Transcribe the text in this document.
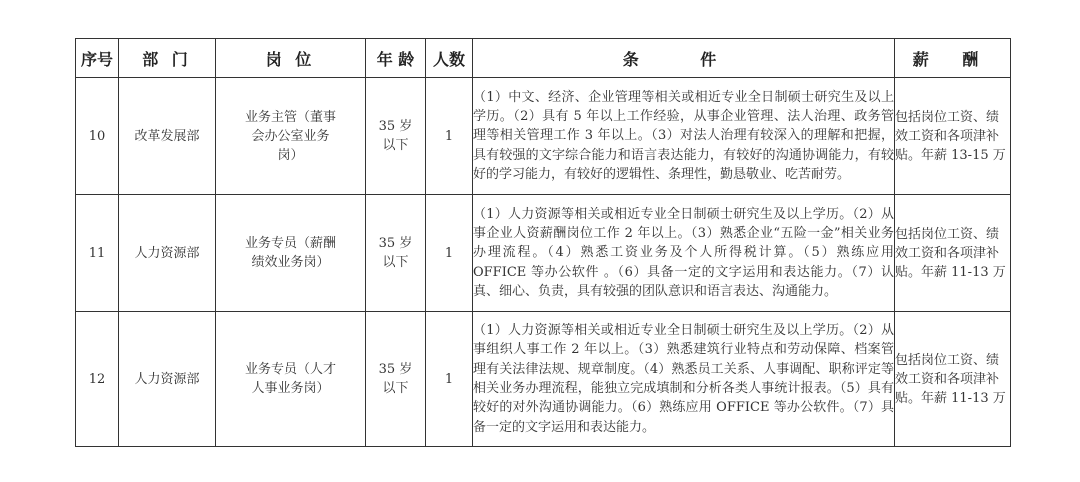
序号	部 门	岗 位	年 龄	人数	条 件	薪 酬
10	改革发展部	业务主管（董事会办公室业务岗）	35 岁以下	1	（1）中文、经济、企业管理等相关或相近专业全日制硕士研究生及以上学历。（2）具有 5 年以上工作经验，从事企业管理、法人治理、政务管理等相关管理工作 3 年以上。（3）对法人治理有较深入的理解和把握，具有较强的文字综合能力和语言表达能力，有较好的沟通协调能力，有较好的学习能力，有较好的逻辑性、条理性，勤恳敬业、吃苦耐劳。	包括岗位工资、绩效工资和各项津补贴。年薪 13-15 万
11	人力资源部	业务专员（薪酬绩效业务岗）	35 岁以下	1	（1）人力资源等相关或相近专业全日制硕士研究生及以上学历。（2）从事企业人资薪酬岗位工作 2 年以上。（3）熟悉企业“五险一金”相关业务办理流程。（4）熟悉工资业务及个人所得税计算。（5）熟练应用 OFFICE 等办公软件 。（6）具备一定的文字运用和表达能力。（7）认真、细心、负责，具有较强的团队意识和语言表达、沟通能力。	包括岗位工资、绩效工资和各项津补贴。年薪 11-13 万
12	人力资源部	业务专员（人才人事业务岗）	35 岁以下	1	（1）人力资源等相关或相近专业全日制硕士研究生及以上学历。（2）从事组织人事工作 2 年以上。（3）熟悉建筑行业特点和劳动保障、档案管理有关法律法规、规章制度。（4）熟悉员工关系、人事调配、职称评定等相关业务办理流程，能独立完成填制和分析各类人事统计报表。（5）具有较好的对外沟通协调能力。（6）熟练应用 OFFICE 等办公软件。（7）具备一定的文字运用和表达能力。	包括岗位工资、绩效工资和各项津补贴。年薪 11-13 万
